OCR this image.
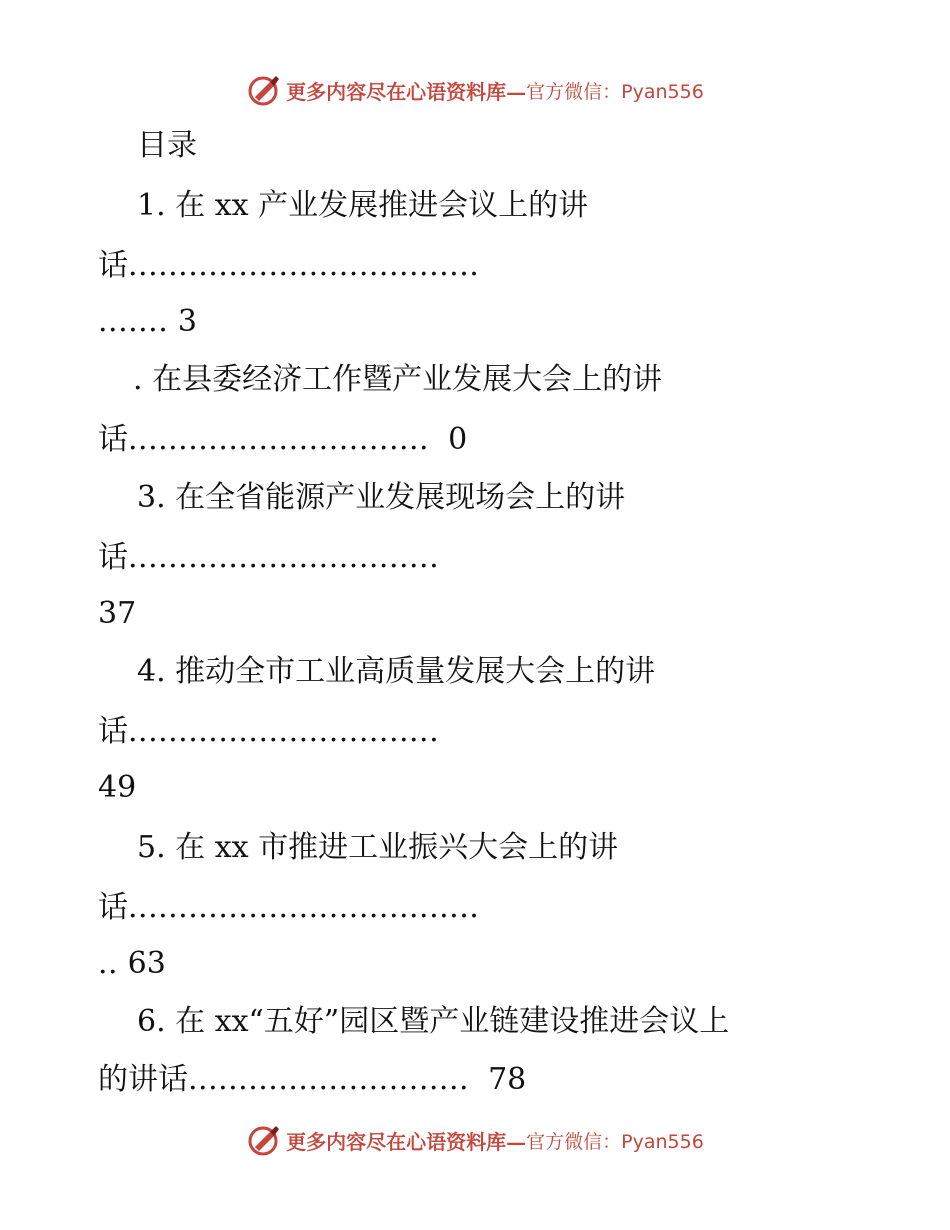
更多内容尽在心语资料库— 官方微信：Pyan556
目录
1. 在 xx 产业发展推进会议上的讲
话...................................
....... 3
. 在县委经济工作暨产业发展大会上的讲
话.............................. 0
3. 在全省能源产业发展现场会上的讲
话...............................
37
4. 推动全市工业高质量发展大会上的讲
话...............................
49
5. 在 xx 市推进工业振兴大会上的讲
话...................................
.. 63
6. 在 xx“五好”园区暨产业链建设推进会议上
的讲话............................ 78
更多内容尽在心语资料库— 官方微信：Pyan556
